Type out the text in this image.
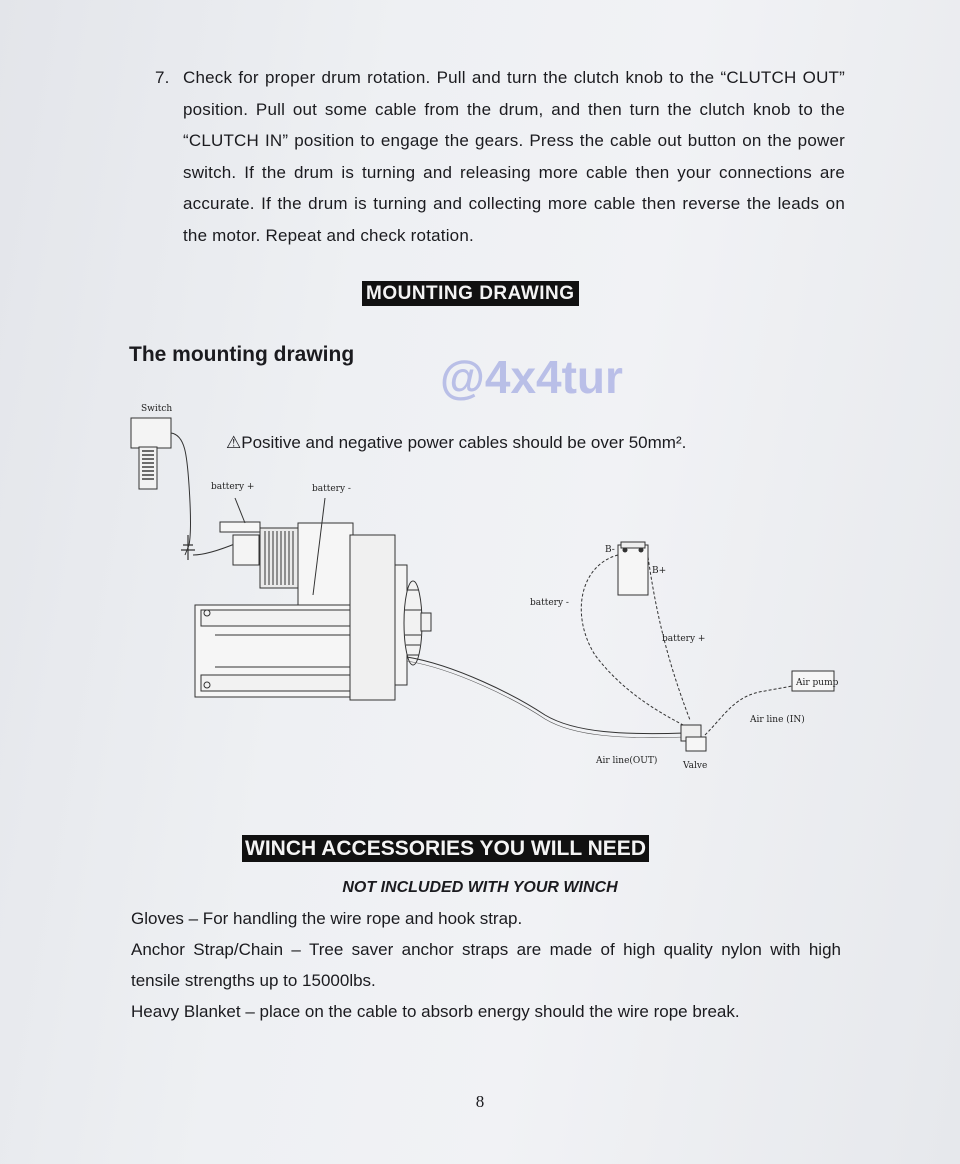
7. Check for proper drum rotation. Pull and turn the clutch knob to the “CLUTCH OUT” position. Pull out some cable from the drum, and then turn the clutch knob to the “CLUTCH IN” position to engage the gears. Press the cable out button on the power switch. If the drum is turning and releasing more cable then your connections are accurate. If the drum is turning and collecting more cable then reverse the leads on the motor. Repeat and check rotation.
MOUNTING DRAWING
The mounting drawing @4x4tur
Switch
battery +	battery -
B-
B+
battery -
battery +
Air pump
Air line (IN)
Air line(OUT)	Valve
⚠Positive and negative power cables should be over 50mm².
WINCH ACCESSORIES YOU WILL NEED
NOT INCLUDED WITH YOUR WINCH

Gloves – For handling the wire rope and hook strap.

Anchor Strap/Chain – Tree saver anchor straps are made of high quality nylon with high tensile strengths up to 15000lbs.

Heavy Blanket – place on the cable to absorb energy should the wire rope break.

8
